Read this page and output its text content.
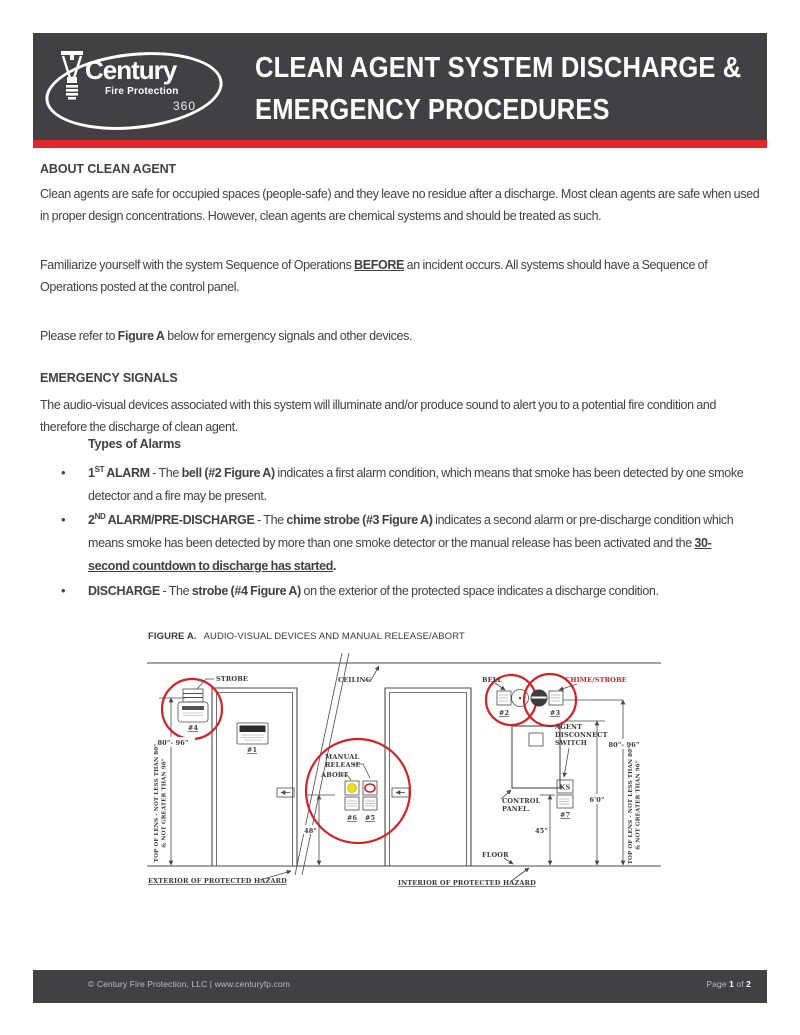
Century
Fire Protection
360
CLEAN AGENT SYSTEM DISCHARGE &
EMERGENCY PROCEDURES
ABOUT CLEAN AGENT
Clean agents are safe for occupied spaces (people-safe) and they leave no residue after a discharge. Most clean agents are safe when used in proper design concentrations. However, clean agents are chemical systems and should be treated as such.
Familiarize yourself with the system Sequence of Operations BEFORE an incident occurs. All systems should have a Sequence of Operations posted at the control panel.
Please refer to Figure A below for emergency signals and other devices.
EMERGENCY SIGNALS
The audio-visual devices associated with this system will illuminate and/or produce sound to alert you to a potential fire condition and therefore the discharge of clean agent.
Types of Alarms
• 1ST ALARM - The bell (#2 Figure A) indicates a first alarm condition, which means that smoke has been detected by one smoke detector and a fire may be present.
• 2ND ALARM/PRE-DISCHARGE - The chime strobe (#3 Figure A) indicates a second alarm or pre-discharge condition which means smoke has been detected by more than one smoke detector or the manual release has been activated and the 30-second countdown to discharge has started.
• DISCHARGE - The strobe (#4 Figure A) on the exterior of the protected space indicates a discharge condition.
FIGURE A. AUDIO-VISUAL DEVICES AND MANUAL RELEASE/ABORT
#1
#4
STROBE
80"- 96"
TOP OF LENS - NOT LESS THAN 80" & NOT GREATER THAN 96"
CEILING
MANUAL
RELEASE
ABORT
#6 #5
48"
#2
BELL
#3
CHIME/STROBE
CONTROL
PANEL.
AGENT
DISCONNECT
SWITCH
KS
#7
45"
6'0"
80"- 96"
TOP OF LENS - NOT LESS THAN 80" & NOT GREATER THAN 96"
FLOOR
EXTERIOR OF PROTECTED HAZARD	INTERIOR OF PROTECTED HAZARD
© Century Fire Protection, LLC | www.centuryfp.com	Page 1 of 2
